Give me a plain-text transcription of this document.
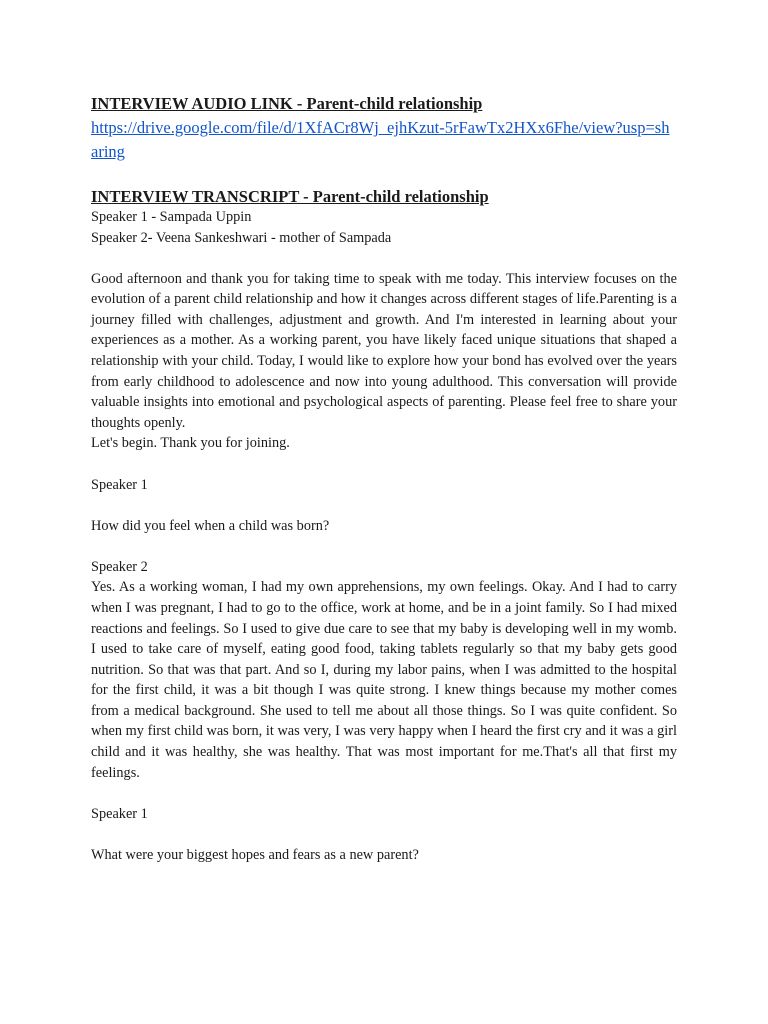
INTERVIEW AUDIO LINK - Parent-child relationship

https://drive.google.com/file/d/1XfACr8Wj_ejhKzut-5rFawTx2HXx6Fhe/view?usp=sharing

INTERVIEW TRANSCRIPT - Parent-child relationship

Speaker 1 - Sampada Uppin

Speaker 2- Veena Sankeshwari - mother of Sampada

Good afternoon and thank you for taking time to speak with me today. This interview focuses on the evolution of a parent child relationship and how it changes across different stages of life.Parenting is a journey filled with challenges, adjustment and growth. And I'm interested in learning about your experiences as a mother. As a working parent, you have likely faced unique situations that shaped a relationship with your child. Today, I would like to explore how your bond has evolved over the years from early childhood to adolescence and now into young adulthood. This conversation will provide valuable insights into emotional and psychological aspects of parenting. Please feel free to share your thoughts openly.

Let's begin. Thank you for joining.

Speaker 1

How did you feel when a child was born?

Speaker 2

Yes. As a working woman, I had my own apprehensions, my own feelings. Okay. And I had to carry when I was pregnant, I had to go to the office, work at home, and be in a joint family. So I had mixed reactions and feelings. So I used to give due care to see that my baby is developing well in my womb. I used to take care of myself, eating good food, taking tablets regularly so that my baby gets good nutrition. So that was that part. And so I, during my labor pains, when I was admitted to the hospital for the first child, it was a bit though I was quite strong. I knew things because my mother comes from a medical background. She used to tell me about all those things. So I was quite confident. So when my first child was born, it was very, I was very happy when I heard the first cry and it was a girl child and it was healthy, she was healthy. That was most important for me.That's all that first my feelings.

Speaker 1

What were your biggest hopes and fears as a new parent?
